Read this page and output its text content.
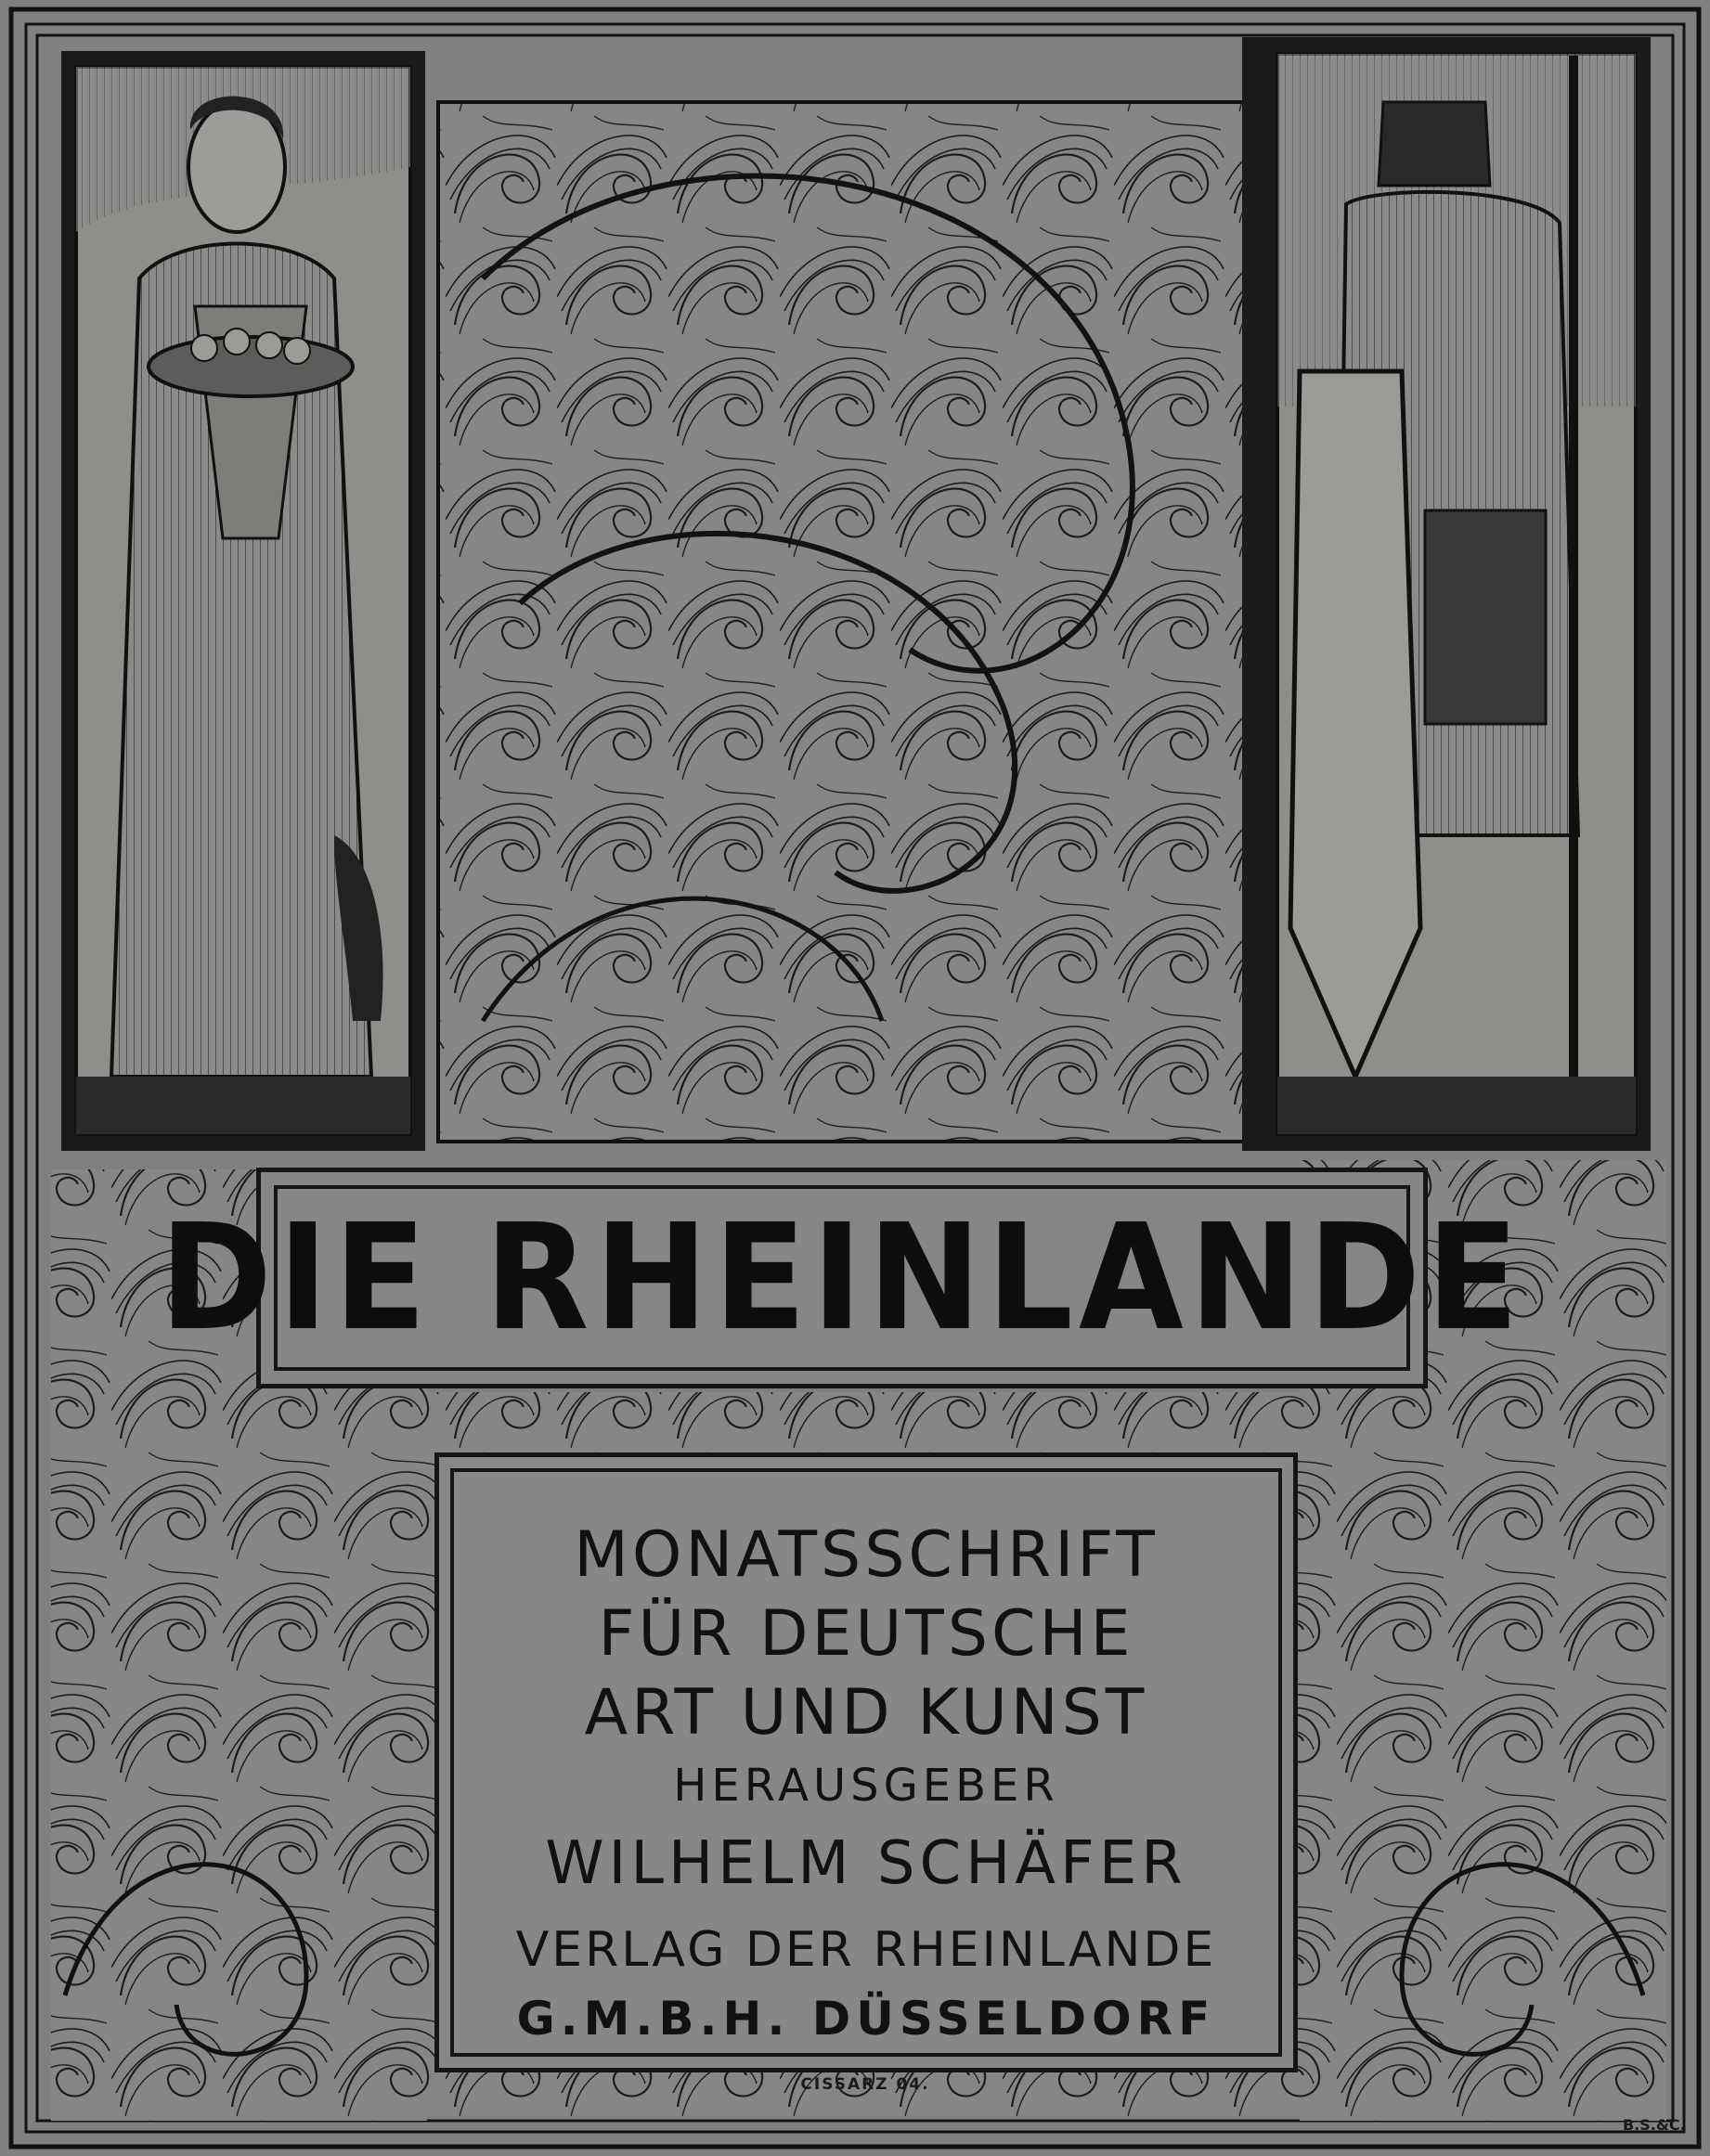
DIE RHEINLANDE
MONATSSCHRIFT
FÜR DEUTSCHE
ART UND KUNST
HERAUSGEBER
WILHELM SCHÄFER
VERLAG DER RHEINLANDE
G.M.B.H. DÜSSELDORF
CISSARZ 04.
B.S.&C.
